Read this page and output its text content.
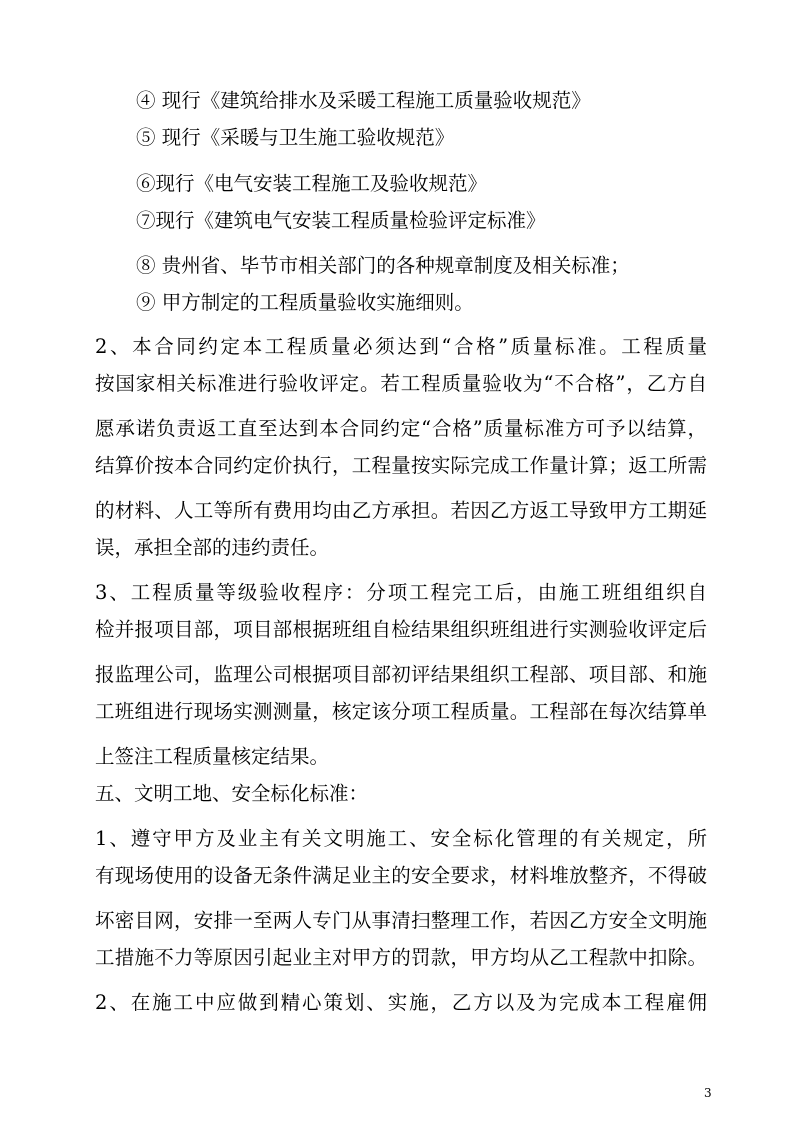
④ 现行《建筑给排水及采暖工程施工质量验收规范》
⑤ 现行《采暖与卫生施工验收规范》
⑥现行《电气安装工程施工及验收规范》
⑦现行《建筑电气安装工程质量检验评定标准》
⑧ 贵州省、毕节市相关部门的各种规章制度及相关标准；
⑨ 甲方制定的工程质量验收实施细则。
2、本合同约定本工程质量必须达到“合格”质量标准。工程质量
按国家相关标准进行验收评定。若工程质量验收为“不合格”，乙方自
愿承诺负责返工直至达到本合同约定“合格”质量标准方可予以结算，
结算价按本合同约定价执行，工程量按实际完成工作量计算；返工所需
的材料、人工等所有费用均由乙方承担。若因乙方返工导致甲方工期延
误，承担全部的违约责任。
3、工程质量等级验收程序：分项工程完工后，由施工班组组织自
检并报项目部，项目部根据班组自检结果组织班组进行实测验收评定后
报监理公司，监理公司根据项目部初评结果组织工程部、项目部、和施
工班组进行现场实测测量，核定该分项工程质量。工程部在每次结算单
上签注工程质量核定结果。
五、文明工地、安全标化标准：
1、遵守甲方及业主有关文明施工、安全标化管理的有关规定，所
有现场使用的设备无条件满足业主的安全要求，材料堆放整齐，不得破
坏密目网，安排一至两人专门从事清扫整理工作，若因乙方安全文明施
工措施不力等原因引起业主对甲方的罚款，甲方均从乙工程款中扣除。
2、在施工中应做到精心策划、实施，乙方以及为完成本工程雇佣
3
